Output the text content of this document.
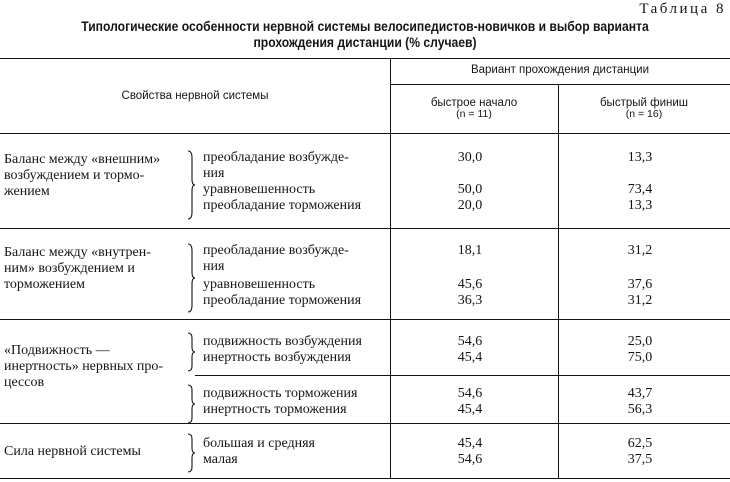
Таблица 8
Типологические особенности нервной системы велосипедистов-новичков и выбор варианта
прохождения дистанции (% случаев)
Свойства нервной системы
Вариант прохождения дистанции
быстрое начало
(n = 11)
быстрый финиш
(n = 16)
Баланс между «внешним»
возбуждением и тормо-
жением
преобладание возбужде-
ния
30,0	13,3
уравновешенность	50,0	73,4
преобладание торможения	20,0	13,3
Баланс между «внутрен-
ним» возбуждением и
торможением
преобладание возбужде-
ния
18,1	31,2
уравновешенность	45,6	37,6
преобладание торможения	36,3	31,2
«Подвижность —
инертность» нервных про-
цессов
подвижность возбуждения	54,6	25,0
инертность возбуждения	45,4	75,0
подвижность торможения	54,6	43,7
инертность торможения	45,4	56,3
Сила нервной системы
большая и средняя	45,4	62,5
малая	54,6	37,5
